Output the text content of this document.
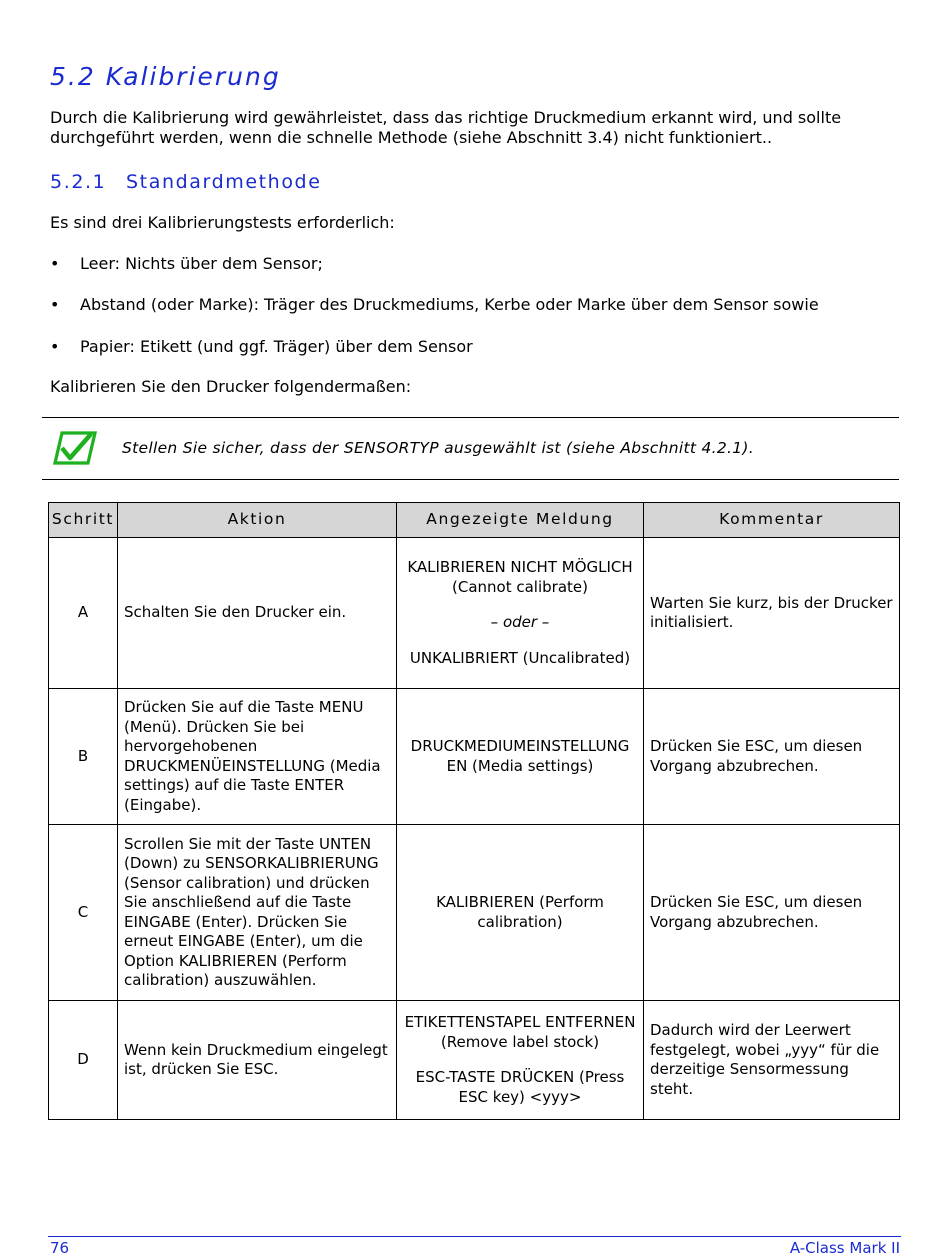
5.2 Kalibrierung
Durch die Kalibrierung wird gewährleistet, dass das richtige Druckmedium erkannt wird, und sollte durchgeführt werden, wenn die schnelle Methode (siehe Abschnitt 3.4) nicht funktioniert..
5.2.1 Standardmethode
Es sind drei Kalibrierungstests erforderlich:
• Leer: Nichts über dem Sensor;
• Abstand (oder Marke): Träger des Druckmediums, Kerbe oder Marke über dem Sensor sowie
• Papier: Etikett (und ggf. Träger) über dem Sensor
Kalibrieren Sie den Drucker folgendermaßen:
Stellen Sie sicher, dass der SENSORTYP ausgewählt ist (siehe Abschnitt 4.2.1).
Schritt	Aktion	Angezeigte Meldung	Kommentar
A	Schalten Sie den Drucker ein.	KALIBRIEREN NICHT MÖGLICH (Cannot calibrate)
– oder –
UNKALIBRIERT (Uncalibrated)	Warten Sie kurz, bis der Drucker initialisiert.
B	Drücken Sie auf die Taste MENU (Menü). Drücken Sie bei hervorgehobenen DRUCKMENÜEINSTELLUNG (Media settings) auf die Taste ENTER (Eingabe).	DRUCKMEDIUMEINSTELLUNG EN (Media settings)	Drücken Sie ESC, um diesen Vorgang abzubrechen.
C	Scrollen Sie mit der Taste UNTEN (Down) zu SENSORKALIBRIERUNG (Sensor calibration) und drücken Sie anschließend auf die Taste EINGABE (Enter). Drücken Sie erneut EINGABE (Enter), um die Option KALIBRIEREN (Perform calibration) auszuwählen.	KALIBRIEREN (Perform calibration)	Drücken Sie ESC, um diesen Vorgang abzubrechen.
D	Wenn kein Druckmedium eingelegt ist, drücken Sie ESC.	ETIKETTENSTAPEL ENTFERNEN (Remove label stock)
ESC-TASTE DRÜCKEN (Press ESC key) <yyy>	Dadurch wird der Leerwert festgelegt, wobei „yyy“ für die derzeitige Sensormessung steht.
76	A-Class Mark II
